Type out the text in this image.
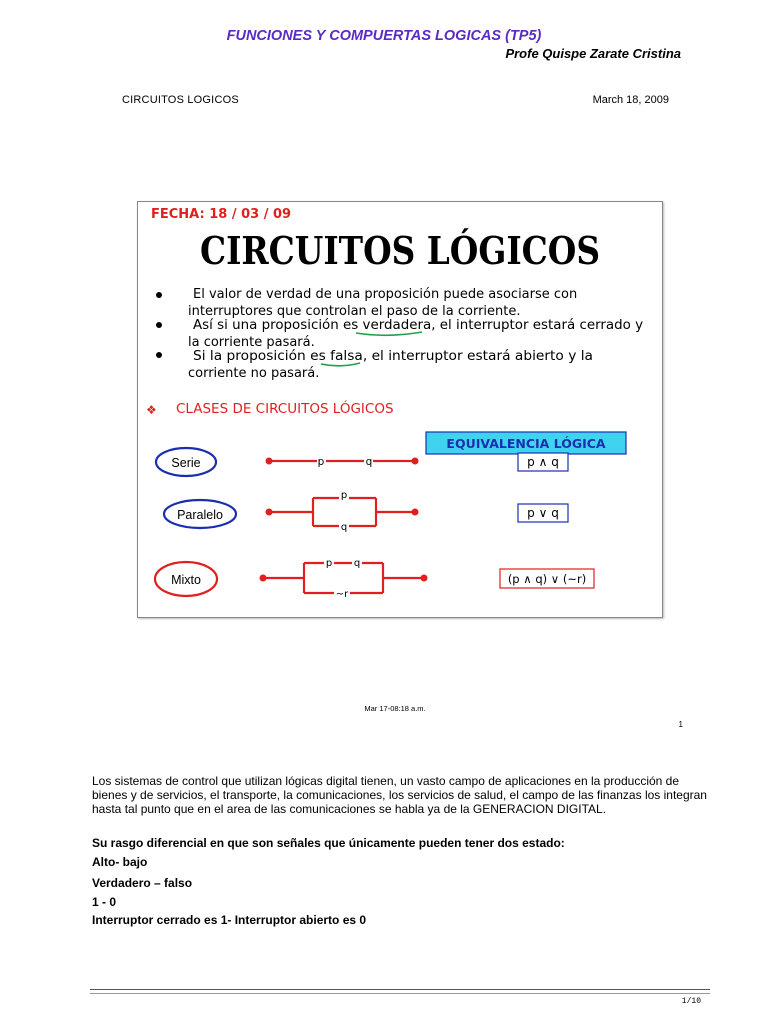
FUNCIONES Y COMPUERTAS LOGICAS (TP5)
Profe Quispe Zarate Cristina
CIRCUITOS LOGICOS	March 18, 2009
FECHA: 18 / 03 / 09
CIRCUITOS LÓGICOS
El valor de verdad de una proposición puede asociarse con
interruptores que controlan el paso de la corriente.
Así si una proposición es verdadera, el interruptor estará cerrado y
la corriente pasará.
Si la proposición es falsa, el interruptor estará abierto y la
corriente no pasará.
❖ CLASES DE CIRCUITOS LÓGICOS
EQUIVALENCIA LÓGICA
Serie	p	q	p ∧ q
Paralelo
p
q
p ∨ q
Mixto
p q
~r
(p ∧ q) ∨ (~r)
Mar 17-08:18 a.m.
1
Los sistemas de control que utilizan lógicas digital tienen, un vasto campo de aplicaciones en la producción de bienes y de servicios, el transporte, la comunicaciones, los servicios de salud, el campo de las finanzas los integran hasta tal punto que en el area de las comunicaciones se habla ya de la GENERACION DIGITAL.
Su rasgo diferencial en que son señales que únicamente pueden tener dos estado:
Alto- bajo
Verdadero – falso
1 - 0
Interruptor cerrado es 1- Interruptor abierto es 0
1/10
